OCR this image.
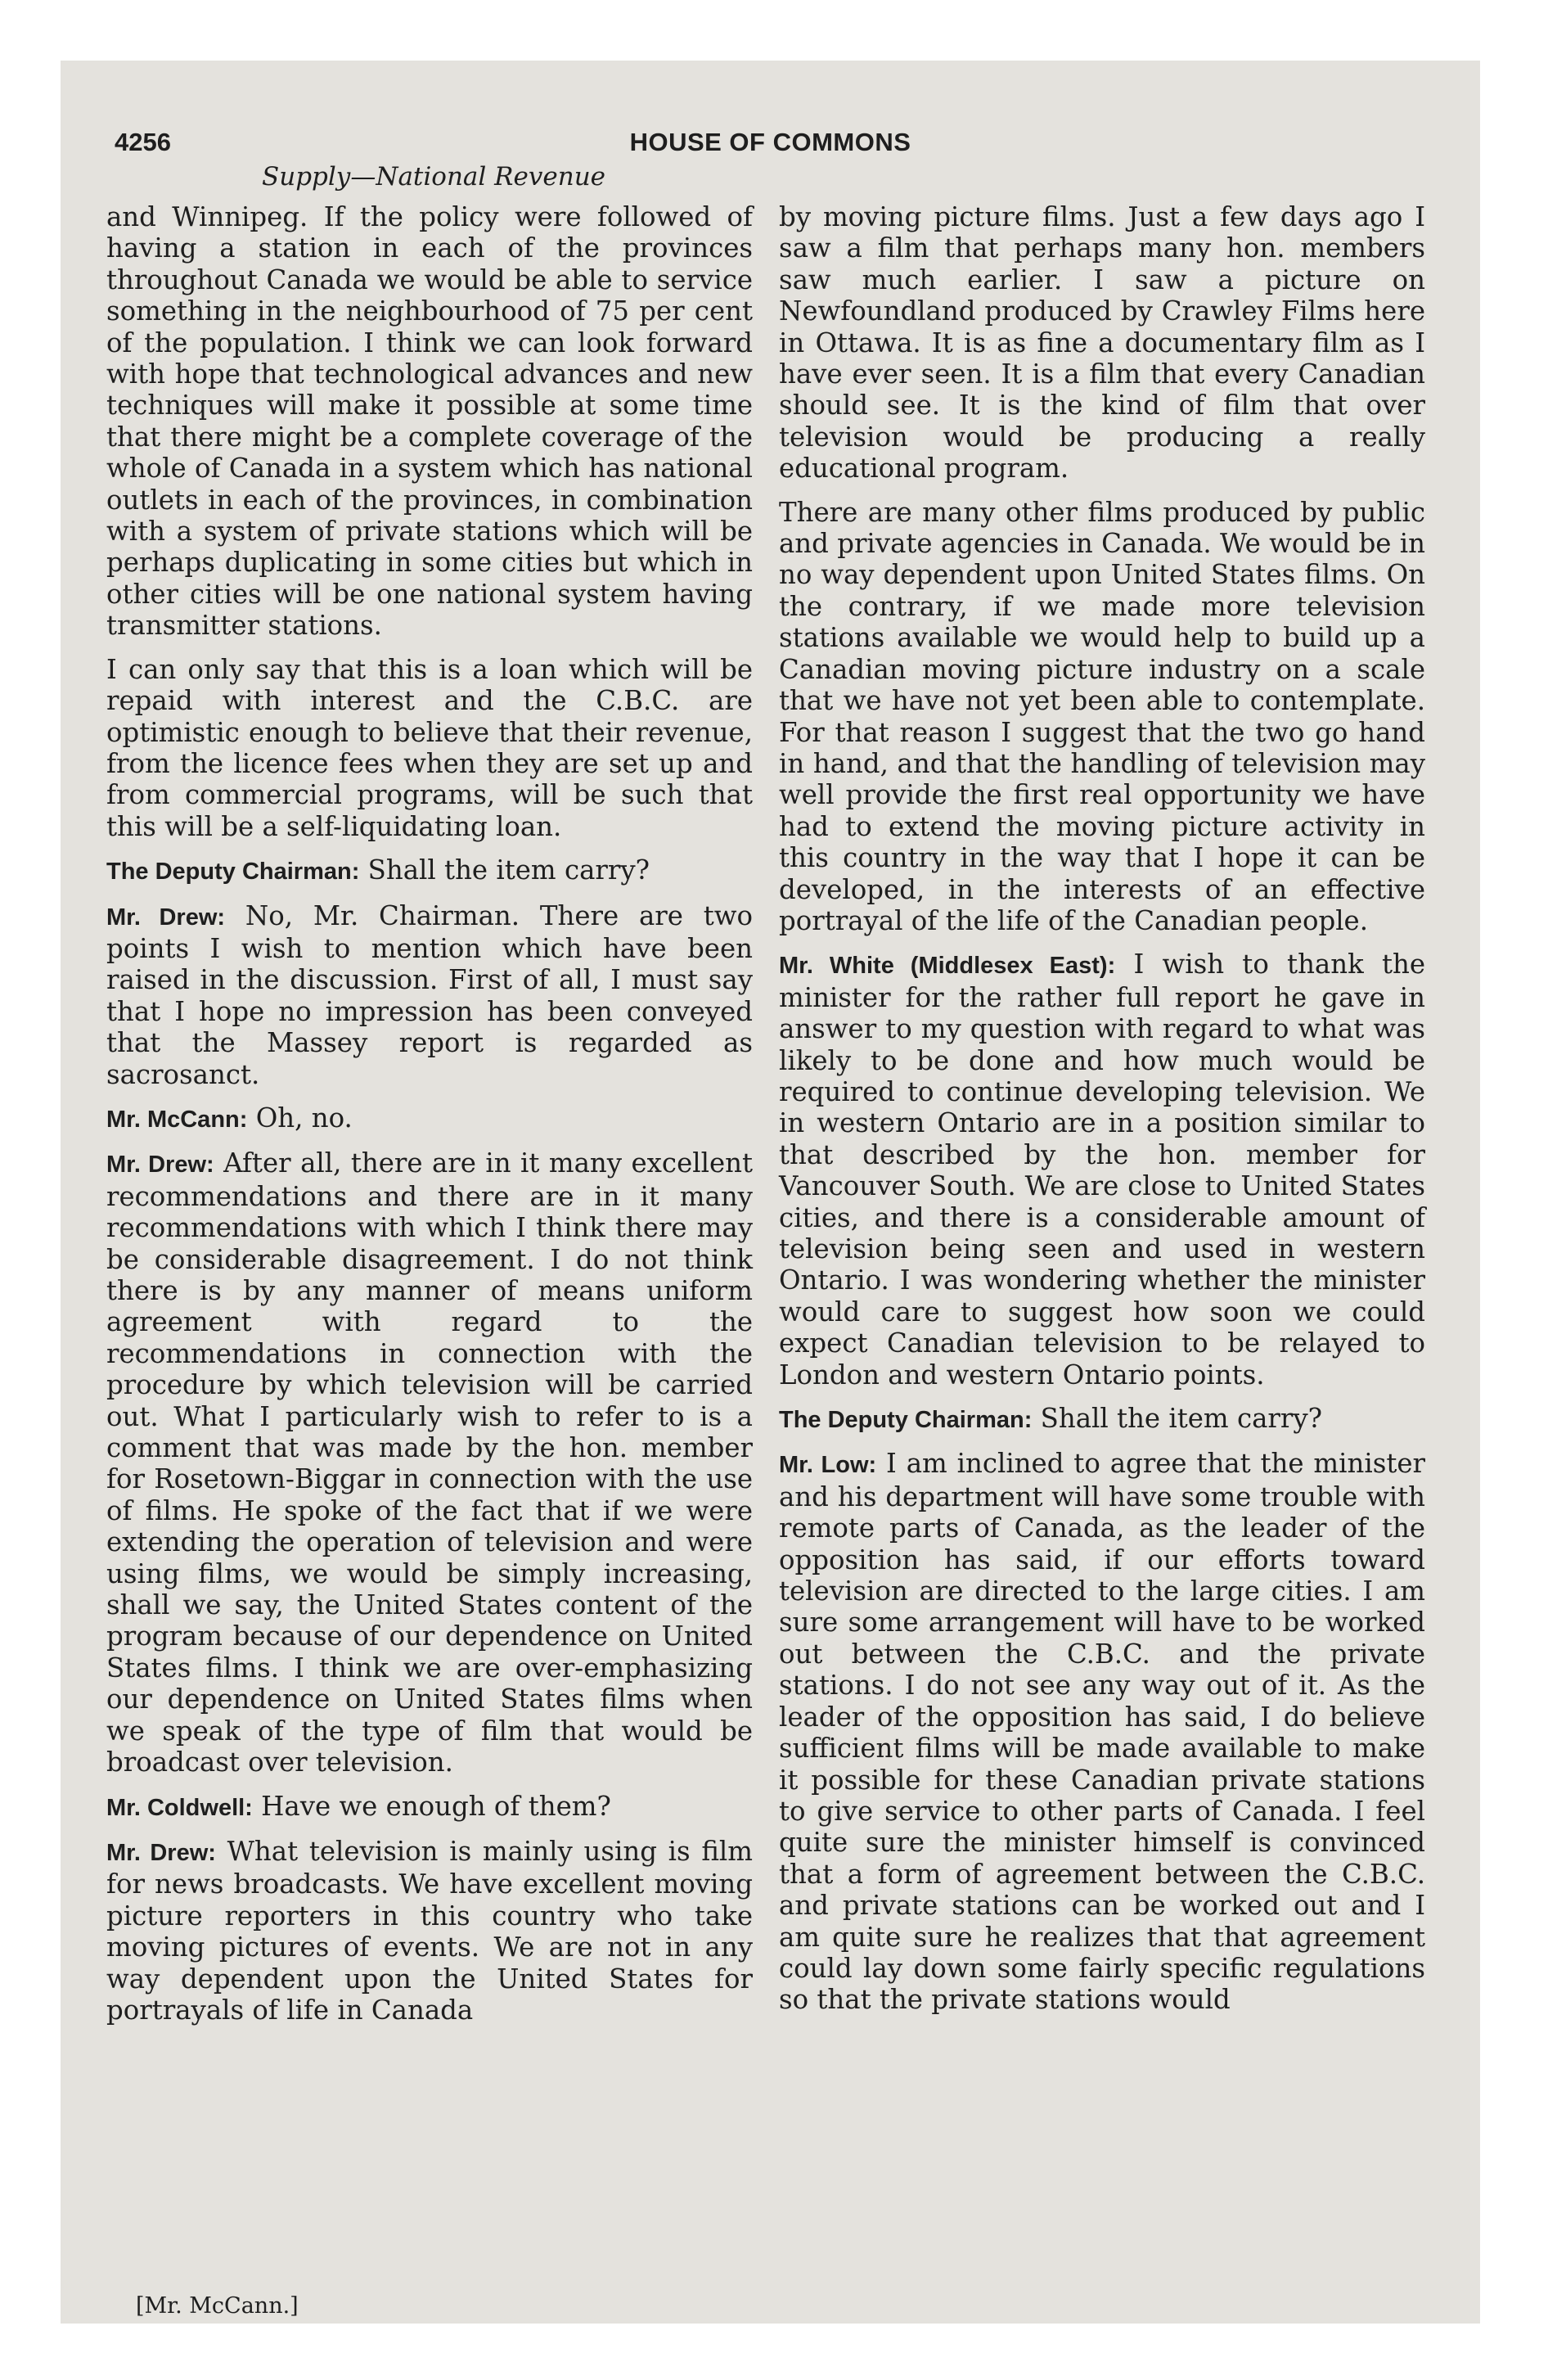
4256	HOUSE OF COMMONS
Supply—National Revenue

and Winnipeg. If the policy were followed of having a station in each of the provinces throughout Canada we would be able to service something in the neighbourhood of 75 per cent of the population. I think we can look forward with hope that technological advances and new techniques will make it possible at some time that there might be a complete coverage of the whole of Canada in a system which has national outlets in each of the provinces, in combination with a system of private stations which will be perhaps duplicating in some cities but which in other cities will be one national system having transmitter stations.

I can only say that this is a loan which will be repaid with interest and the C.B.C. are optimistic enough to believe that their revenue, from the licence fees when they are set up and from commercial programs, will be such that this will be a self-liquidating loan.

The Deputy Chairman: Shall the item carry?

Mr. Drew: No, Mr. Chairman. There are two points I wish to mention which have been raised in the discussion. First of all, I must say that I hope no impression has been conveyed that the Massey report is regarded as sacrosanct.

Mr. McCann: Oh, no.

Mr. Drew: After all, there are in it many excellent recommendations and there are in it many recommendations with which I think there may be considerable disagreement. I do not think there is by any manner of means uniform agreement with regard to the recommendations in connection with the procedure by which television will be carried out. What I particularly wish to refer to is a comment that was made by the hon. member for Rosetown-Biggar in connection with the use of films. He spoke of the fact that if we were extending the operation of television and were using films, we would be simply increasing, shall we say, the United States content of the program because of our dependence on United States films. I think we are over-emphasizing our dependence on United States films when we speak of the type of film that would be broadcast over television.

Mr. Coldwell: Have we enough of them?

Mr. Drew: What television is mainly using is film for news broadcasts. We have excellent moving picture reporters in this country who take moving pictures of events. We are not in any way dependent upon the United States for portrayals of life in Canada

by moving picture films. Just a few days ago I saw a film that perhaps many hon. members saw much earlier. I saw a picture on Newfoundland produced by Crawley Films here in Ottawa. It is as fine a documentary film as I have ever seen. It is a film that every Canadian should see. It is the kind of film that over television would be producing a really educational program.

There are many other films produced by public and private agencies in Canada. We would be in no way dependent upon United States films. On the contrary, if we made more television stations available we would help to build up a Canadian moving picture industry on a scale that we have not yet been able to contemplate. For that reason I suggest that the two go hand in hand, and that the handling of television may well provide the first real opportunity we have had to extend the moving picture activity in this country in the way that I hope it can be developed, in the interests of an effective portrayal of the life of the Canadian people.

Mr. White (Middlesex East): I wish to thank the minister for the rather full report he gave in answer to my question with regard to what was likely to be done and how much would be required to continue developing television. We in western Ontario are in a position similar to that described by the hon. member for Vancouver South. We are close to United States cities, and there is a considerable amount of television being seen and used in western Ontario. I was wondering whether the minister would care to suggest how soon we could expect Canadian television to be relayed to London and western Ontario points.

The Deputy Chairman: Shall the item carry?

Mr. Low: I am inclined to agree that the minister and his department will have some trouble with remote parts of Canada, as the leader of the opposition has said, if our efforts toward television are directed to the large cities. I am sure some arrangement will have to be worked out between the C.B.C. and the private stations. I do not see any way out of it. As the leader of the opposition has said, I do believe sufficient films will be made available to make it possible for these Canadian private stations to give service to other parts of Canada. I feel quite sure the minister himself is convinced that a form of agreement between the C.B.C. and private stations can be worked out and I am quite sure he realizes that that agreement could lay down some fairly specific regulations so that the private stations would

[Mr. McCann.]
